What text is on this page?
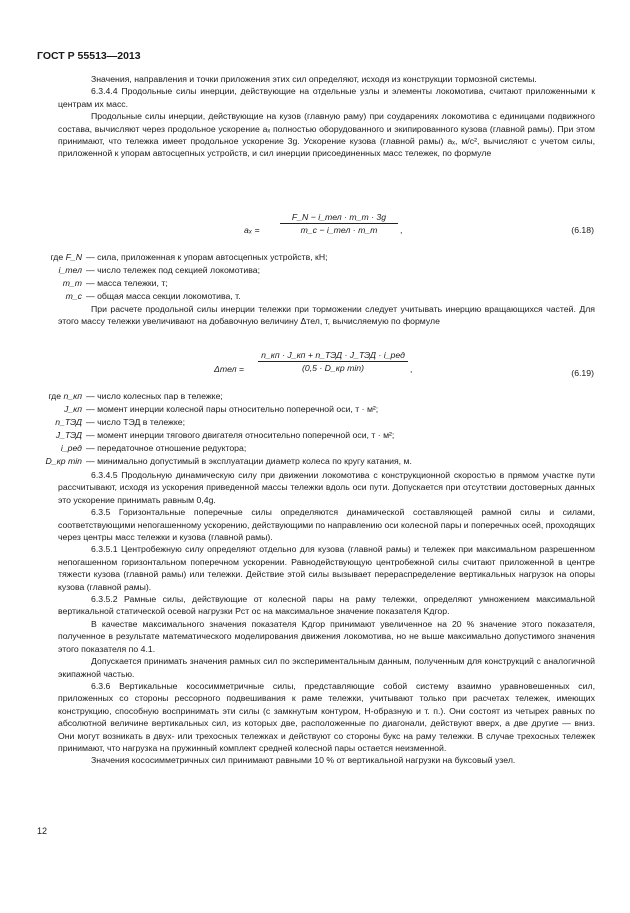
ГОСТ Р 55513—2013

Значения, направления и точки приложения этих сил определяют, исходя из конструкции тормозной системы.

6.3.4.4 Продольные силы инерции, действующие на отдельные узлы и элементы локомотива, считают приложенными к центрам их масс.

Продольные силы инерции, действующие на кузов (главную раму) при соударениях локомотива с единицами подвижного состава, вычисляют через продольное ускорение aₓ полностью оборудованного и экипированного кузова (главной рамы). При этом принимают, что тележка имеет продольное ускорение 3g. Ускорение кузова (главной рамы) aₓ, м/с², вычисляют с учетом силы, приложенной к упорам автосцепных устройств, и сил инерции присоединенных масс тележек, по формуле

aₓ =
F_N − i_тел · m_т · 3g
m_с − i_тел · m_т	,	(6.18)

где F_N — сила, приложенная к упорам автосцепных устройств, кН;
i_тел — число тележек под секцией локомотива;
m_т — масса тележки, т;
m_с — общая масса секции локомотива, т.

При расчете продольной силы инерции тележки при торможении следует учитывать инерцию вращающихся частей. Для этого массу тележки увеличивают на добавочную величину Δтел, т, вычисляемую по формуле

Δтел =
n_кп · J_кп + n_ТЭД · J_ТЭД · i_ред
(0,5 · D_кр min)	,	(6.19)
где n_кп — число колесных пар в тележке;
J_кп — момент инерции колесной пары относительно поперечной оси, т · м²;
n_ТЭД — число ТЭД в тележке;
J_ТЭД — момент инерции тягового двигателя относительно поперечной оси, т · м²;
i_ред — передаточное отношение редуктора;
D_кр min — минимально допустимый в эксплуатации диаметр колеса по кругу катания, м.

6.3.4.5 Продольную динамическую силу при движении локомотива с конструкционной скоростью в прямом участке пути рассчитывают, исходя из ускорения приведенной массы тележки вдоль оси пути. Допускается при отсутствии достоверных данных это ускорение принимать равным 0,4g.

6.3.5 Горизонтальные поперечные силы определяются динамической составляющей рамной силы и силами, соответствующими непогашенному ускорению, действующими по направлению оси колесной пары и поперечных осей, проходящих через центры масс тележки и кузова (главной рамы).

6.3.5.1 Центробежную силу определяют отдельно для кузова (главной рамы) и тележек при максимальном разрешенном непогашенном горизонтальном поперечном ускорении. Равнодействующую центробежной силы считают приложенной в центре тяжести кузова (главной рамы) или тележки. Действие этой силы вызывает перераспределение вертикальных нагрузок на опоры кузова (главной рамы).

6.3.5.2 Рамные силы, действующие от колесной пары на раму тележки, определяют умножением максимальной вертикальной статической осевой нагрузки Pст ос на максимальное значение показателя Kдгор.

В качестве максимального значения показателя Kдгор принимают увеличенное на 20 % значение этого показателя, полученное в результате математического моделирования движения локомотива, но не выше максимально допустимого значения этого показателя по 4.1.

Допускается принимать значения рамных сил по экспериментальным данным, полученным для конструкций с аналогичной экипажной частью.

6.3.6 Вертикальные кососимметричные силы, представляющие собой систему взаимно уравновешенных сил, приложенных со стороны рессорного подвешивания к раме тележки, учитывают только при расчетах тележек, имеющих конструкцию, способную воспринимать эти силы (с замкнутым контуром, Н-образную и т. п.). Они состоят из четырех равных по абсолютной величине вертикальных сил, из которых две, расположенные по диагонали, действуют вверх, а две другие — вниз. Они могут возникать в двух- или трехосных тележках и действуют со стороны букс на раму тележки. В случае трехосных тележек принимают, что нагрузка на пружинный комплект средней колесной пары остается неизменной.

Значения кососимметричных сил принимают равными 10 % от вертикальной нагрузки на буксовый узел.

12
